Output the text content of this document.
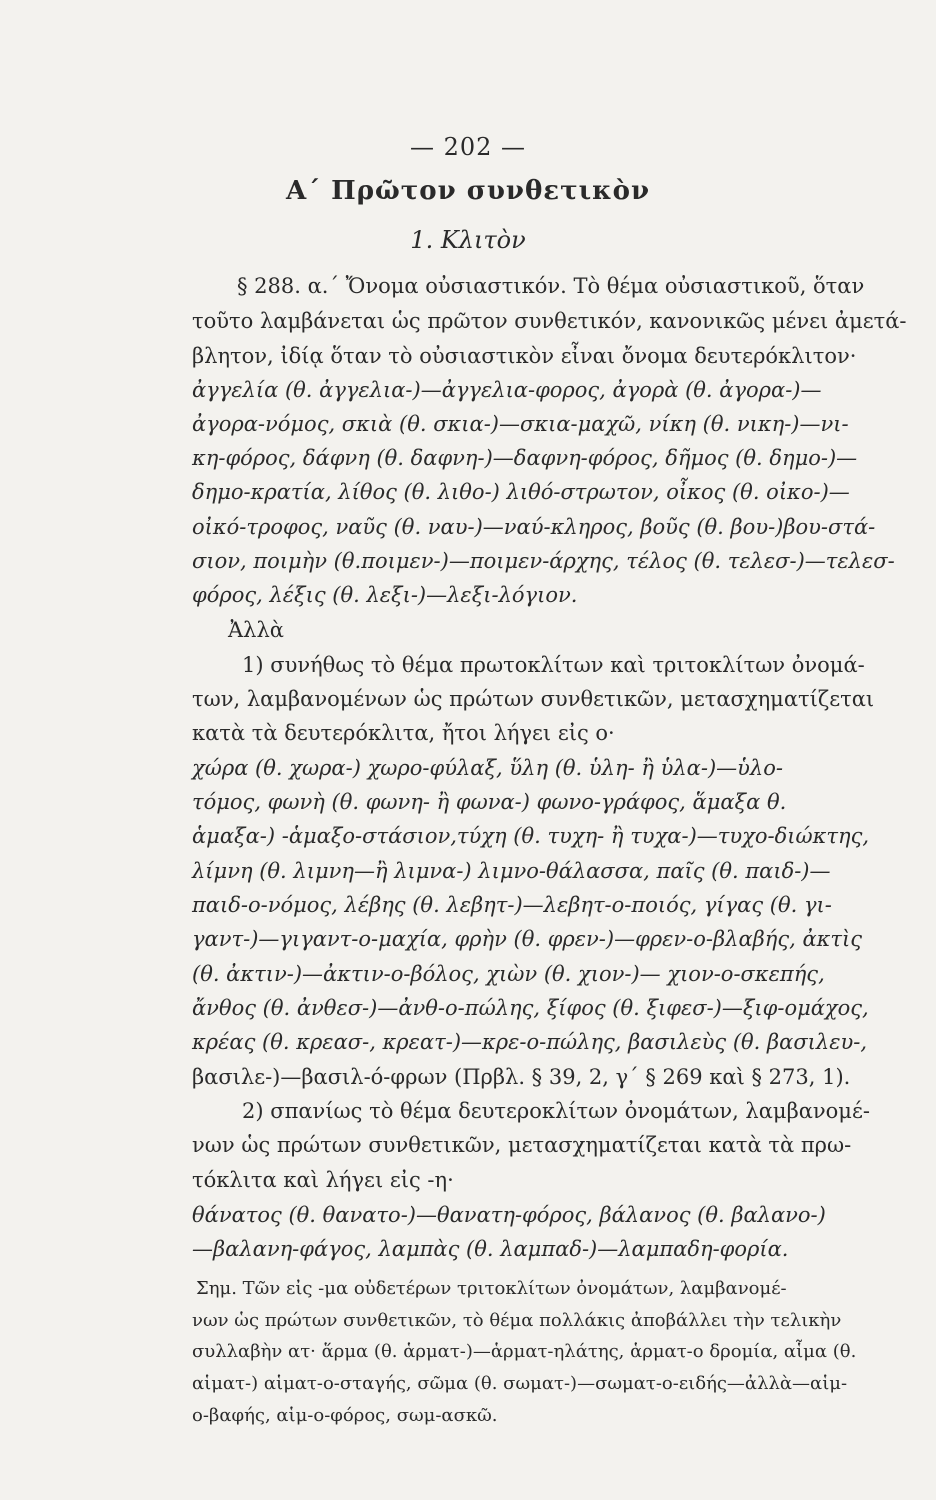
— 202 —
Α΄ Πρῶτον συνθετικὸν
1. Κλιτὸν
§ 288. α.΄ Ὄνομα οὐσιαστικόν. Τὸ θέμα οὐσιαστικοῦ, ὅταν
τοῦτο λαμβάνεται ὡς πρῶτον συνθετικόν, κανονικῶς μένει ἀμετά-
βλητον, ἰδίᾳ ὅταν τὸ οὐσιαστικὸν εἶναι ὄνομα δευτερόκλιτον·
ἀγγελία (θ. ἀγγελια-)—ἀγγελια-φορος, ἀγορὰ (θ. ἀγορα-)—
ἀγορα-νόμος, σκιὰ (θ. σκια-)—σκια-μαχῶ, νίκη (θ. νικη-)—νι-
κη-φόρος, δάφνη (θ. δαφνη-)—δαφνη-φόρος, δῆμος (θ. δημο-)—
δημο-κρατία, λίθος (θ. λιθο-) λιθό-στρωτον, οἶκος (θ. οἰκο-)—
οἰκό-τροφος, ναῦς (θ. ναυ-)—ναύ-κληρος, βοῦς (θ. βου-)βου-στά-
σιον, ποιμὴν (θ.ποιμεν-)—ποιμεν-άρχης, τέλος (θ. τελεσ-)—τελεσ-
φόρος, λέξις (θ. λεξι-)—λεξι-λόγιον.
Ἀλλὰ
1) συνήθως τὸ θέμα πρωτοκλίτων καὶ τριτοκλίτων ὀνομά-
των, λαμβανομένων ὡς πρώτων συνθετικῶν, μετασχηματίζεται
κατὰ τὰ δευτερόκλιτα, ἤτοι λήγει εἰς ο·
χώρα (θ. χωρα-) χωρο-φύλαξ, ὕλη (θ. ὑλη- ἢ ὑλα-)—ὑλο-
τόμος, φωνὴ (θ. φωνη- ἢ φωνα-) φωνο-γράφος, ἅμαξα θ.
ἁμαξα-) -ἁμαξο-στάσιον,τύχη (θ. τυχη- ἢ τυχα-)—τυχο-διώκτης,
λίμνη (θ. λιμνη—ἢ λιμνα-) λιμνο-θάλασσα, παῖς (θ. παιδ-)—
παιδ-ο-νόμος, λέβης (θ. λεβητ-)—λεβητ-ο-ποιός, γίγας (θ. γι-
γαντ-)—γιγαντ-ο-μαχία, φρὴν (θ. φρεν-)—φρεν-ο-βλαβής, ἀκτὶς
(θ. ἀκτιν-)—ἀκτιν-ο-βόλος, χιὼν (θ. χιον-)— χιον-ο-σκεπής,
ἄνθος (θ. ἀνθεσ-)—ἀνθ-ο-πώλης, ξίφος (θ. ξιφεσ-)—ξιφ-ομάχος,
κρέας (θ. κρεασ-, κρεατ-)—κρε-ο-πώλης, βασιλεὺς (θ. βασιλευ-,
βασιλε-)—βασιλ-ό-φρων (Πρβλ. § 39, 2, γ΄ § 269 καὶ § 273, 1).
2) σπανίως τὸ θέμα δευτεροκλίτων ὀνομάτων, λαμβανομέ-
νων ὡς πρώτων συνθετικῶν, μετασχηματίζεται κατὰ τὰ πρω-
τόκλιτα καὶ λήγει εἰς -η·
θάνατος (θ. θανατο-)—θανατη-φόρος, βάλανος (θ. βαλανο-)
—βαλανη-φάγος, λαμπὰς (θ. λαμπαδ-)—λαμπαδη-φορία.
Σημ. Τῶν εἰς -μα οὐδετέρων τριτοκλίτων ὀνομάτων, λαμβανομέ-
νων ὡς πρώτων συνθετικῶν, τὸ θέμα πολλάκις ἀποβάλλει τὴν τελικὴν
συλλαβὴν ατ· ἅρμα (θ. ἁρματ-)—ἁρματ-ηλάτης, ἁρματ-ο δρομία, αἷμα (θ.
αἱματ-) αἱματ-ο-σταγής, σῶμα (θ. σωματ-)—σωματ-ο-ειδής—ἀλλὰ—αἱμ-
ο-βαφής, αἱμ-ο-φόρος, σωμ-ασκῶ.
